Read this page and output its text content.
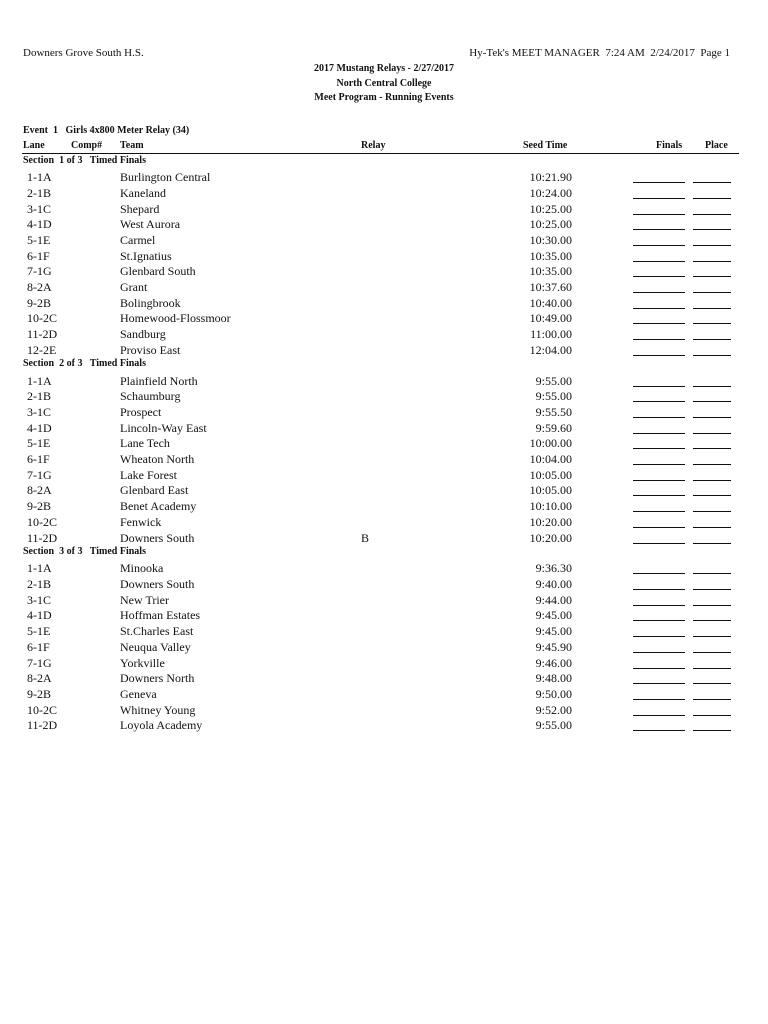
Downers Grove South H.S.	Hy-Tek's MEET MANAGER  7:24 AM  2/24/2017  Page 1
2017 Mustang Relays - 2/27/2017
North Central College
Meet Program - Running Events
Event  1   Girls 4x800 Meter Relay (34)
Lane	Comp# Team	Relay	Seed Time	Finals Place
Section  1 of 3   Timed Finals
1-1A	Burlington Central	10:21.90
2-1B	Kaneland	10:24.00
3-1C	Shepard	10:25.00
4-1D	West Aurora	10:25.00
5-1E	Carmel	10:30.00
6-1F	St.Ignatius	10:35.00
7-1G	Glenbard South	10:35.00
8-2A	Grant	10:37.60
9-2B	Bolingbrook	10:40.00
10-2C	Homewood-Flossmoor	10:49.00
11-2D	Sandburg	11:00.00
12-2E	Proviso East	12:04.00
Section  2 of 3   Timed Finals
1-1A	Plainfield North	9:55.00
2-1B	Schaumburg	9:55.00
3-1C	Prospect	9:55.50
4-1D	Lincoln-Way East	9:59.60
5-1E	Lane Tech	10:00.00
6-1F	Wheaton North	10:04.00
7-1G	Lake Forest	10:05.00
8-2A	Glenbard East	10:05.00
9-2B	Benet Academy	10:10.00
10-2C	Fenwick	10:20.00
11-2D	Downers South	B	10:20.00
Section  3 of 3   Timed Finals
1-1A	Minooka	9:36.30
2-1B	Downers South	9:40.00
3-1C	New Trier	9:44.00
4-1D	Hoffman Estates	9:45.00
5-1E	St.Charles East	9:45.00
6-1F	Neuqua Valley	9:45.90
7-1G	Yorkville	9:46.00
8-2A	Downers North	9:48.00
9-2B	Geneva	9:50.00
10-2C	Whitney Young	9:52.00
11-2D	Loyola Academy	9:55.00
